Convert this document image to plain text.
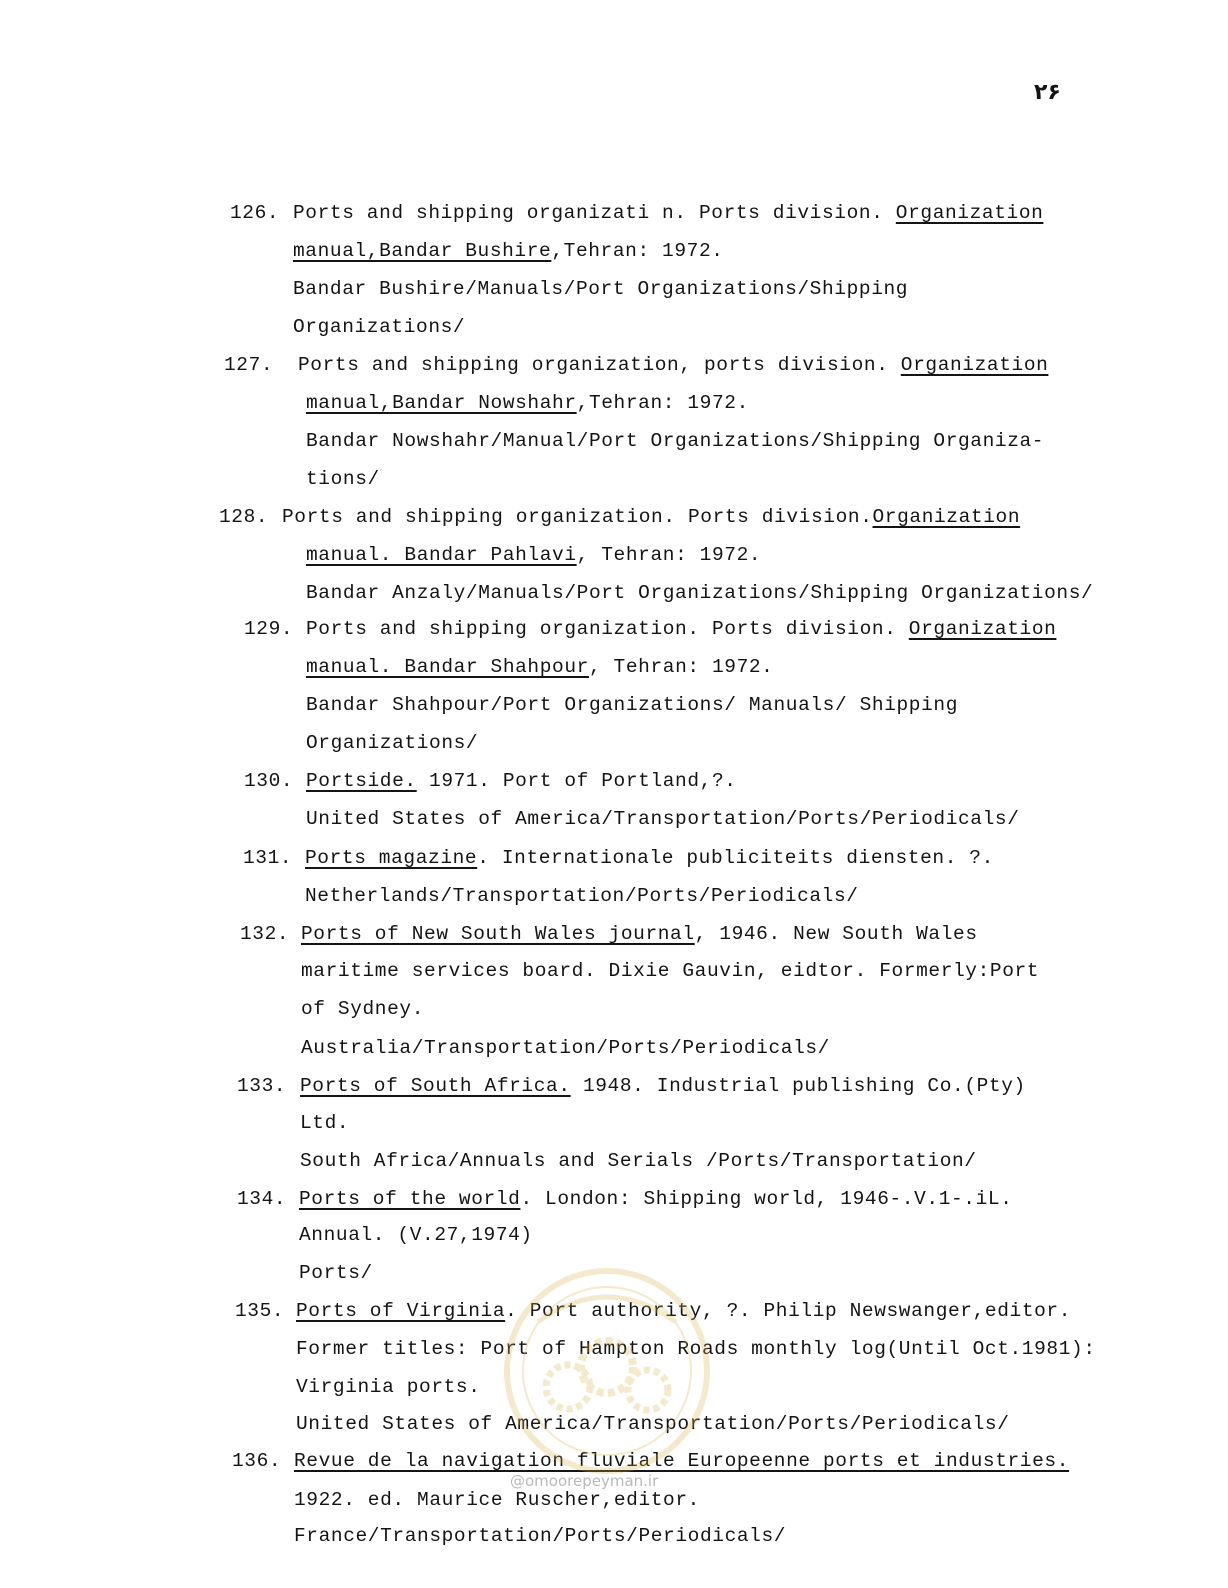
۲۶
126. Ports and shipping organizati n. Ports division. Organization
manual,Bandar Bushire,Tehran: 1972.
Bandar Bushire/Manuals/Port Organizations/Shipping
Organizations/
127. Ports and shipping organization, ports division. Organization
manual,Bandar Nowshahr,Tehran: 1972.
Bandar Nowshahr/Manual/Port Organizations/Shipping Organiza-
tions/
128. Ports and shipping organization. Ports division.Organization
manual. Bandar Pahlavi, Tehran: 1972.
Bandar Anzaly/Manuals/Port Organizations/Shipping Organizations/
129. Ports and shipping organization. Ports division. Organization
manual. Bandar Shahpour, Tehran: 1972.
Bandar Shahpour/Port Organizations/ Manuals/ Shipping
Organizations/
130. Portside. 1971. Port of Portland,?.
United States of America/Transportation/Ports/Periodicals/
131. Ports magazine. Internationale publiciteits diensten. ?.
Netherlands/Transportation/Ports/Periodicals/
132. Ports of New South Wales journal, 1946. New South Wales
maritime services board. Dixie Gauvin, eidtor. Formerly:Port
of Sydney.
Australia/Transportation/Ports/Periodicals/
133. Ports of South Africa. 1948. Industrial publishing Co.(Pty)
Ltd.
South Africa/Annuals and Serials /Ports/Transportation/
134. Ports of the world. London: Shipping world, 1946-.V.1-.iL.
Annual. (V.27,1974)
Ports/
135. Ports of Virginia. Port authority, ?. Philip Newswanger,editor.
Former titles: Port of Hampton Roads monthly log(Until Oct.1981):
Virginia ports.
United States of America/Transportation/Ports/Periodicals/
136. Revue de la navigation fluviale Europeenne ports et industries.
1922. ed. Maurice Ruscher,editor.
France/Transportation/Ports/Periodicals/
@omoorepeyman.ir
